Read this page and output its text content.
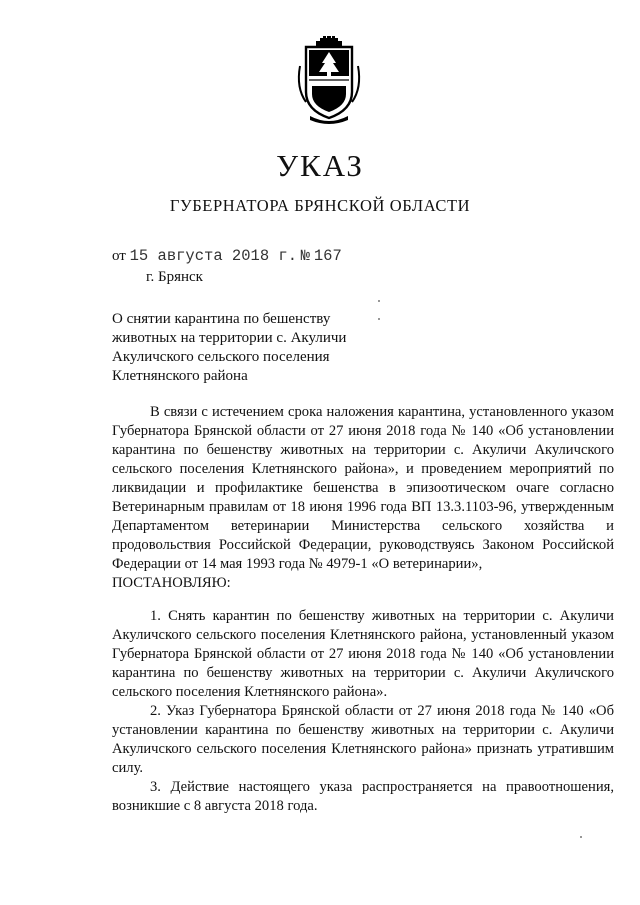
УКАЗ
ГУБЕРНАТОРА БРЯНСКОЙ ОБЛАСТИ
от 15 августа 2018 г. № 167
г. Брянск

О снятии карантина по бешенству

животных на территории с. Акуличи

Акуличского сельского поселения

Клетнянского района

В связи с истечением срока наложения карантина, установленного указом Губернатора Брянской области от 27 июня 2018 года № 140 «Об установлении карантина по бешенству животных на территории с. Акуличи Акуличского сельского поселения Клетнянского района», и проведением мероприятий по ликвидации и профилактике бешенства в эпизоотическом очаге согласно Ветеринарным правилам от 18 июня 1996 года ВП 13.3.1103-96, утвержденным Департаментом ветеринарии Министерства сельского хозяйства и продовольствия Российской Федерации, руководствуясь Законом Российской Федерации от 14 мая 1993 года № 4979-1 «О ветеринарии»,

ПОСТАНОВЛЯЮ:

1. Снять карантин по бешенству животных на территории с. Акуличи Акуличского сельского поселения Клетнянского района, установленный указом Губернатора Брянской области от 27 июня 2018 года № 140 «Об установлении карантина по бешенству животных на территории с. Акуличи Акуличского сельского поселения Клетнянского района».

2. Указ Губернатора Брянской области от 27 июня 2018 года № 140 «Об установлении карантина по бешенству животных на территории с. Акуличи Акуличского сельского поселения Клетнянского района» признать утратившим силу.

3. Действие настоящего указа распространяется на правоотношения, возникшие с 8 августа 2018 года.
